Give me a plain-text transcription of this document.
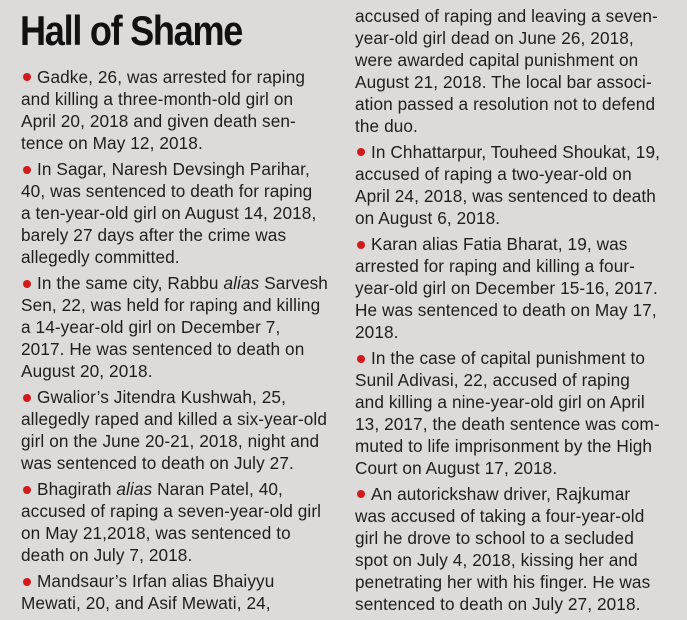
Hall of Shame
Gadke, 26, was arrested for raping
and killing a three-month-old girl on
April 20, 2018 and given death sen-
tence on May 12, 2018.
In Sagar, Naresh Devsingh Parihar,
40, was sentenced to death for raping
a ten-year-old girl on August 14, 2018,
barely 27 days after the crime was
allegedly committed.
In the same city, Rabbu alias Sarvesh
Sen, 22, was held for raping and killing
a 14-year-old girl on December 7,
2017. He was sentenced to death on
August 20, 2018.
Gwalior’s Jitendra Kushwah, 25,
allegedly raped and killed a six-year-old
girl on the June 20-21, 2018, night and
was sentenced to death on July 27.
Bhagirath alias Naran Patel, 40,
accused of raping a seven-year-old girl
on May 21,2018, was sentenced to
death on July 7, 2018.
Mandsaur’s Irfan alias Bhaiyyu
Mewati, 20, and Asif Mewati, 24,
accused of raping and leaving a seven-
year-old girl dead on June 26, 2018,
were awarded capital punishment on
August 21, 2018. The local bar associ-
ation passed a resolution not to defend
the duo.
In Chhattarpur, Touheed Shoukat, 19,
accused of raping a two-year-old on
April 24, 2018, was sentenced to death
on August 6, 2018.
Karan alias Fatia Bharat, 19, was
arrested for raping and killing a four-
year-old girl on December 15-16, 2017.
He was sentenced to death on May 17,
2018.
In the case of capital punishment to
Sunil Adivasi, 22, accused of raping
and killing a nine-year-old girl on April
13, 2017, the death sentence was com-
muted to life imprisonment by the High
Court on August 17, 2018.
An autorickshaw driver, Rajkumar
was accused of taking a four-year-old
girl he drove to school to a secluded
spot on July 4, 2018, kissing her and
penetrating her with his finger. He was
sentenced to death on July 27, 2018.
